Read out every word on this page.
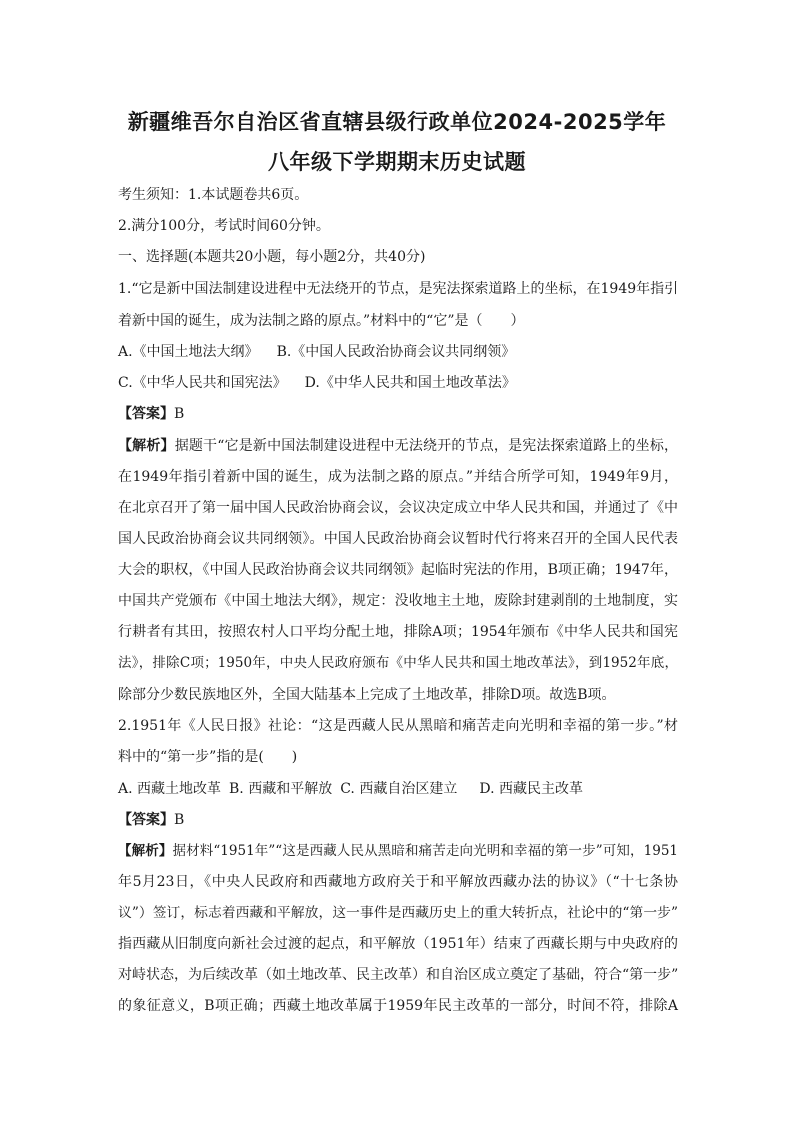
新疆维吾尔自治区省直辖县级行政单位2024-2025学年
八年级下学期期末历史试题
考生须知：1.本试题卷共6页。
2.满分100分，考试时间60分钟。
一、选择题(本题共20小题，每小题2分，共40分)
1.“它是新中国法制建设进程中无法绕开的节点，是宪法探索道路上的坐标，在1949年指引
着新中国的诞生，成为法制之路的原点。”材料中的“它”是（　　）
A.《中国土地法大纲》 B.《中国人民政治协商会议共同纲领》
C.《中华人民共和国宪法》 D.《中华人民共和国土地改革法》
【答案】B
【解析】据题干“它是新中国法制建设进程中无法绕开的节点，是宪法探索道路上的坐标，
在1949年指引着新中国的诞生，成为法制之路的原点。”并结合所学可知，1949年9月，
在北京召开了第一届中国人民政治协商会议，会议决定成立中华人民共和国，并通过了《中
国人民政治协商会议共同纲领》。中国人民政治协商会议暂时代行将来召开的全国人民代表
大会的职权，《中国人民政治协商会议共同纲领》起临时宪法的作用，B项正确；1947年，
中国共产党颁布《中国土地法大纲》，规定：没收地主土地，废除封建剥削的土地制度，实
行耕者有其田，按照农村人口平均分配土地，排除A项；1954年颁布《中华人民共和国宪
法》，排除C项；1950年，中央人民政府颁布《中华人民共和国土地改革法》，到1952年底，
除部分少数民族地区外，全国大陆基本上完成了土地改革，排除D项。故选B项。
2.1951年《人民日报》社论：“这是西藏人民从黑暗和痛苦走向光明和幸福的第一步。”材
料中的“第一步”指的是(　　)
A. 西藏土地改革 B. 西藏和平解放 C. 西藏自治区建立 D. 西藏民主改革
【答案】B
【解析】据材料“1951年”“这是西藏人民从黑暗和痛苦走向光明和幸福的第一步”可知，1951
年5月23日，《中央人民政府和西藏地方政府关于和平解放西藏办法的协议》（“十七条协
议”）签订，标志着西藏和平解放，这一事件是西藏历史上的重大转折点，社论中的“第一步”
指西藏从旧制度向新社会过渡的起点，和平解放（1951年）结束了西藏长期与中央政府的
对峙状态，为后续改革（如土地改革、民主改革）和自治区成立奠定了基础，符合“第一步”
的象征意义，B项正确；西藏土地改革属于1959年民主改革的一部分，时间不符，排除A
